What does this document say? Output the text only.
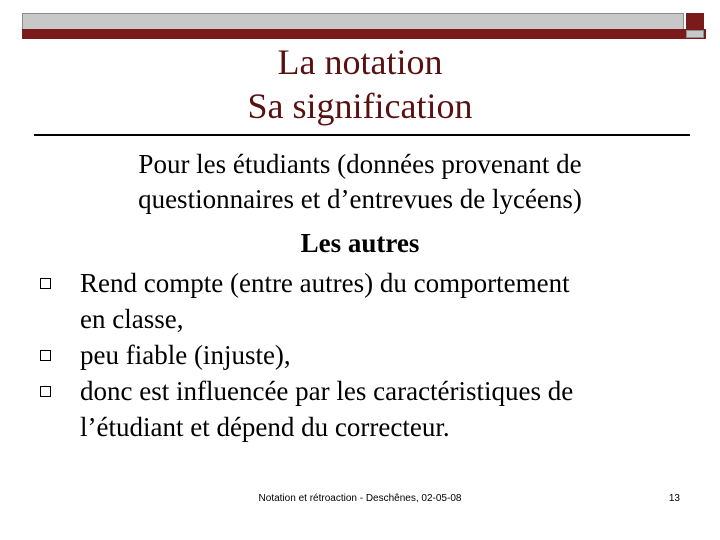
La notation
Sa signification
Pour les étudiants (données provenant de
questionnaires et d’entrevues de lycéens)
Les autres
Rend compte (entre autres) du comportement
en classe,
peu fiable (injuste),
donc est influencée par les caractéristiques de
l’étudiant et dépend du correcteur.
Notation et rétroaction - Deschênes, 02-05-08	13
